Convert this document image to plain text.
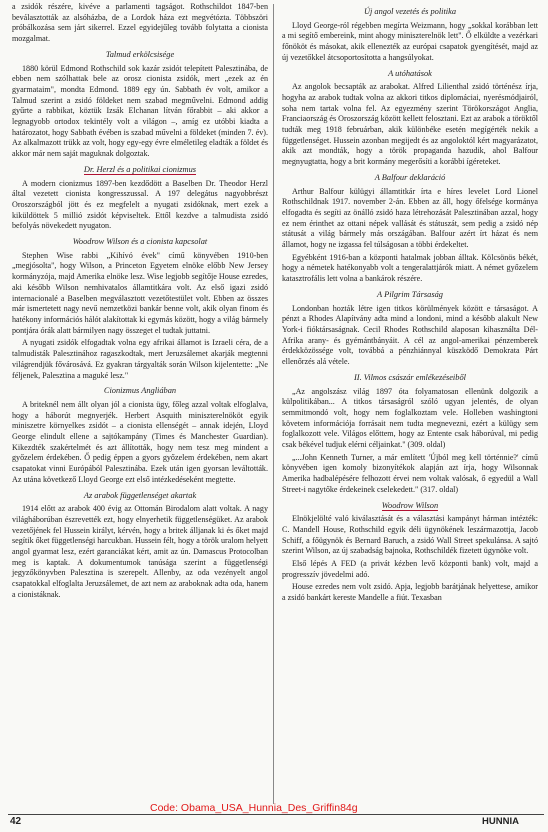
a zsidók részére, kivéve a parlamenti tagságot. Rothschildot 1847-ben beválasztották az alsóházba, de a Lordok háza ezt megvétózta. Többszöri próbálkozása sem járt sikerrel. Ezzel egyidejűleg tovább folytatta a cionista mozgalmat.

Talmud erkölcsisége

1880 körül Edmond Rothschild sok kazár zsidót telepített Palesztinába, de ebben nem szólhattak bele az orosz cionista zsidók, mert „ezek az én gyarmataim", mondta Edmond. 1889 egy ún. Sabbath év volt, amikor a Talmud szerint a zsidó földeket nem szabad megművelni. Edmond addig gyűrte a rabbikat, köztük Izsák Elchanan lítván főrabbit – aki akkor a legnagyobb ortodox tekintély volt a világon –, amíg ez utóbbi kiadta a határozatot, hogy Sabbath évében is szabad művelni a földeket (minden 7. év). Az alkalmazott trükk az volt, hogy egy-egy évre elméletileg eladták a földet és akkor már nem saját maguknak dolgoztak.

Dr. Herzl és a politikai cionizmus

A modern cionizmus 1897-ben kezdődött a Baselben Dr. Theodor Herzl által vezetett cionista kongresszussal. A 197 delegátus nagyobbrészt Oroszországból jött és ez megfelelt a nyugati zsidóknak, mert ezek a kiküldöttek 5 millió zsidót képviseltek. Ettől kezdve a talmudista zsidó befolyás növekedett nyugaton.

Woodrow Wilson és a cionista kapcsolat

Stephen Wise rabbi „Kihívó évek" című könyvében 1910-ben „megjósolta", hogy Wilson, a Princeton Egyetem elnöke előbb New Jersey kormányzója, majd Amerika elnöke lesz. Wise legjobb segítője House ezredes, aki később Wilson nemhivatalos államtitkára volt. Az első igazi zsidó internacionalé a Baselben megválasztott vezetőtestület volt. Ebben az összes már ismertetett nagy nevű nemzetközi bankár benne volt, akik olyan finom és hatékony információs hálót alakítottak ki egymás között, hogy a világ bármely pontjára órák alatt bármilyen nagy összeget el tudtak juttatni.

A nyugati zsidók elfogadtak volna egy afrikai államot is Izraeli céra, de a talmudisták Palesztinához ragaszkodtak, mert Jeruzsálemet akarják megtenni világrendjük fővárosává. Ez gyakran tárgyalták során Wilson kijelentette: „Ne féljenek, Palesztina a maguké lesz."

Cionizmus Angliában

A briteknél nem állt olyan jól a cionista ügy, főleg azzal voltak elfoglalva, hogy a háborút megnyerjék. Herbert Asquith miniszterelnököt egyik miniszetre környelkes zsidót – a cionista ellenségét – annak idején, Lloyd George elindult ellene a sajtókampány (Times és Manchester Guardian). Kikezdték szakértelmét és azt állították, hogy nem tesz meg mindent a győzelem érdekében. Ő pedig éppen a gyors győzelem érdekében, nem akart csapatokat vinni Európából Palesztinába. Ezek után igen gyorsan leváltották. Az utána következő Lloyd George ezt első intézkedéseként megtette.

Az arabok függetlenséget akartak

1914 előtt az arabok 400 évig az Ottomán Birodalom alatt voltak. A nagy világháborúban észrevették ezt, hogy elnyerhetik függetlenségüket. Az arabok vezetőjének fel Hussein királyt, kérvén, hogy a britek álljanak ki és őket majd segítik őket függetlenségi harcukban. Hussein félt, hogy a török uralom helyett angol gyarmat lesz, ezért garanciákat kért, amit az ún. Damascus Protocolban meg is kaptak. A dokumentumok tanúsága szerint a függetlenségi jegyzőkönyvben Palesztina is szerepelt. Allenby, az oda vezényelt angol csapatokkal elfoglalta Jeruzsálemet, de azt nem az araboknak adta oda, hanem a cionistáknak.

Új angol vezetés és politika

Lloyd George-ról régebben megírta Weizmann, hogy „sokkal korábban lett a mi segítő embereink, mint ahogy miniszterelnök lett". Ő elküldte a vezérkari főnököt és másokat, akik ellenezték az európai csapatok gyengítését, majd az új vezetőkkel átcsoportosította a hangsúlyokat.

A utóhatások

Az angolok becsapták az arabokat. Alfred Lilienthal zsidó történész írja, hogyha az arabok tudtak volna az akkori titkos diplomáciai, nyerésmódjairól, soha nem tartak volna fel. Az egyezmény szerint Törökországot Anglia, Franciaország és Oroszország között kellett felosztani. Ezt az arabok a töröktől tudták meg 1918 februárban, akik különbéke esetén megígérték nekik a függetlenséget. Hussein azonban megijedt és az angoloktól kért magyarázatot, akik azt mondták, hogy a török propaganda hazudik, ahol Balfour megnyugtatta, hogy a brit kormány megerősíti a korábbi ígéreteket.

A Balfour deklaráció

Arthur Balfour külügyi államtitkár írta e híres levelet Lord Lionel Rothschildnak 1917. november 2-án. Ebben az áll, hogy őfelsége kormánya elfogadta és segíti az önálló zsidó haza létrehozását Palesztinában azzal, hogy ez nem érinthet az ottani népek vallását és státuszát, sem pedig a zsidó nép státusát a világ bármely más országában. Balfour azért írt házat és nem államot, hogy ne izgassa fel túlságosan a többi érdekeltet.

Egyébként 1916-ban a központi hatalmak jobban álltak. Kölcsönös békét, hogy a németek hatékonyabb volt a tengeralattjárók miatt. A német győzelem katasztrofális lett volna a bankárok részére.

A Pilgrim Társaság

Londonban hozták létre igen titkos körülmények között e társaságot. A pénzt a Rhodes Alapítvány adta mind a londoni, mind a később alakult New York-i fióktársaságnak. Cecil Rhodes Rothschild alaposan kihasználta Dél-Afrika arany- és gyémántbányáit. A cél az angol-amerikai pénzemberek érdekközössége volt, továbbá a pénzhiánnyal küszködő Demokrata Párt ellenőrzés alá vétele.

II. Vilmos császár emlékezéseiből

„Az angolszász világ 1897 óta folyamatosan ellenünk dolgozik a külpolitikában... A titkos társaságról szóló ugyan jelentés, de olyan semmitmondó volt, hogy nem foglalkoztam vele. Holleben washingtoni követem információja forrásait nem tudta megnevezni, ezért a külügy sem foglalkozott vele. Világos előttem, hogy az Entente csak háborúval, mi pedig csak békével tudjuk elérni céljainkat." (309. oldal)

„...John Kenneth Turner, a már említett 'Újból meg kell történnie?' című könyvében igen komoly bizonyítékok alapján azt írja, hogy Wilsonnak Amerika hadbalépésére felhozott érvei nem voltak valósak, ő egyedül a Wall Street-i nagytőke érdekeinek cselekedett." (317. oldal)

Woodrow Wilson

Elnökjelölté való kiválasztását és a választási kampányt hárman intézték: C. Mandell House, Rothschild egyik déli ügynökének leszármazottja, Jacob Schiff, a főügynök és Bernard Baruch, a zsidó Wall Street spekulánsa. A sajtó szerint Wilson, az új szabadság bajnoka, Rothschildék fizetett ügynöke volt.

Első lépés A FED (a privát kézben levő központi bank) volt, majd a progresszív jövedelmi adó.

House ezredes nem volt zsidó. Apja, legjobb barátjának helyettese, amikor a zsidó bankárt kereste Mandelle a fiút. Texasban

Code: Obama_USA_Hunnia_Des_Griffin84g
42	HUNNIA
